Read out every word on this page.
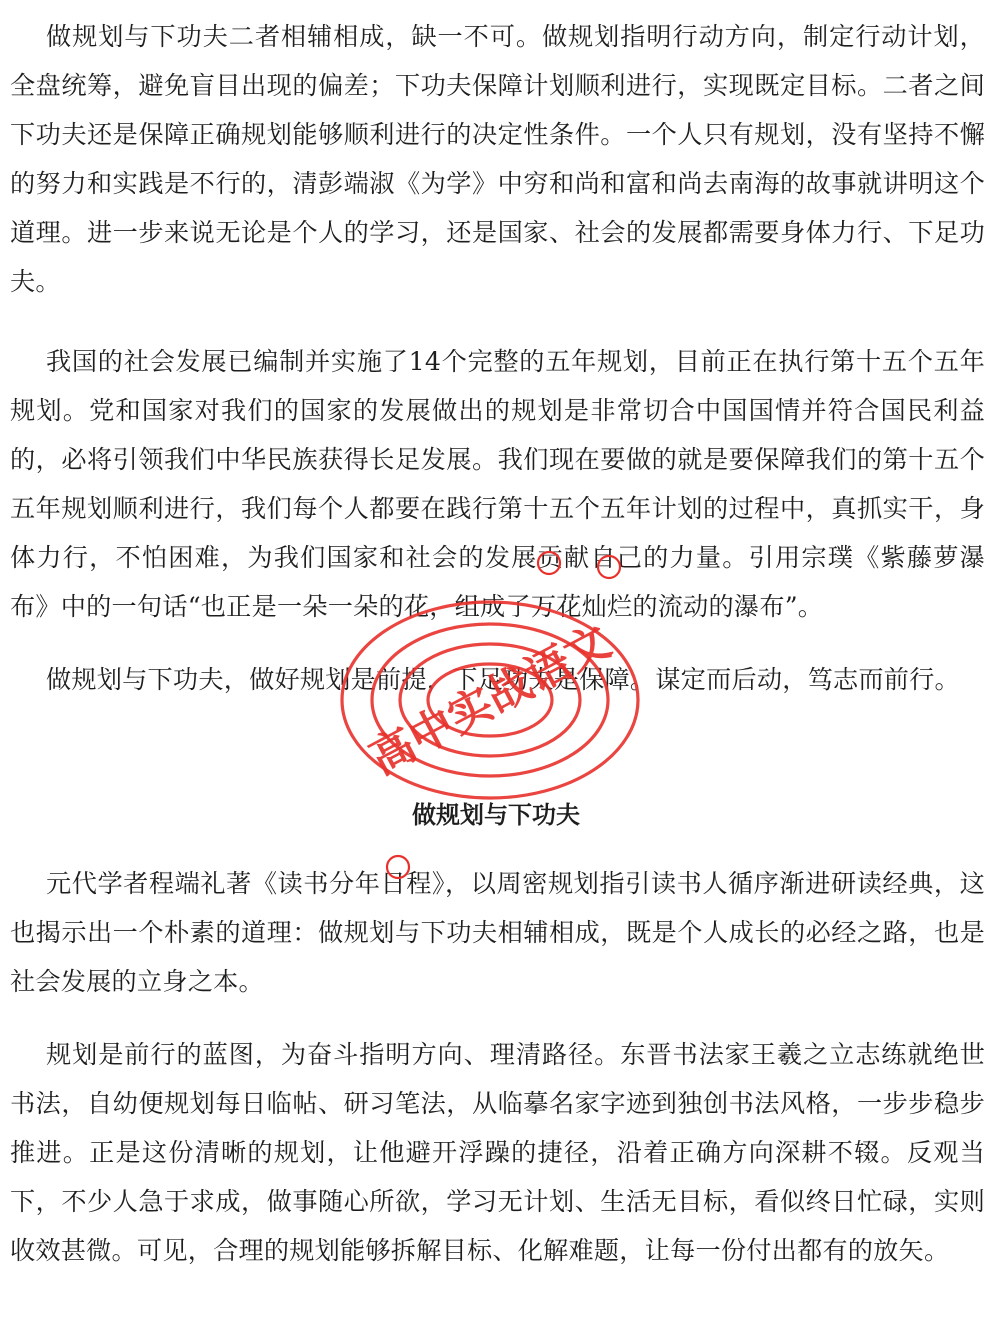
做规划与下功夫二者相辅相成，缺一不可。做规划指明行动方向，制定行动计划，全盘统筹，避免盲目出现的偏差；下功夫保障计划顺利进行，实现既定目标。二者之间下功夫还是保障正确规划能够顺利进行的决定性条件。一个人只有规划，没有坚持不懈的努力和实践是不行的，清彭端淑《为学》中穷和尚和富和尚去南海的故事就讲明这个道理。进一步来说无论是个人的学习，还是国家、社会的发展都需要身体力行、下足功夫。

我国的社会发展已编制并实施了14个完整的五年规划，目前正在执行第十五个五年规划。党和国家对我们的国家的发展做出的规划是非常切合中国国情并符合国民利益的，必将引领我们中华民族获得长足发展。我们现在要做的就是要保障我们的第十五个五年规划顺利进行，我们每个人都要在践行第十五个五年计划的过程中，真抓实干，身体力行，不怕困难，为我们国家和社会的发展贡献自己的力量。引用宗璞《紫藤萝瀑布》中的一句话“也正是一朵一朵的花，组成了万花灿烂的流动的瀑布”。

做规划与下功夫，做好规划是前提，下足功夫是保障。谋定而后动，笃志而前行。

做规划与下功夫

元代学者程端礼著《读书分年日程》，以周密规划指引读书人循序渐进研读经典，这也揭示出一个朴素的道理：做规划与下功夫相辅相成，既是个人成长的必经之路，也是社会发展的立身之本。

规划是前行的蓝图，为奋斗指明方向、理清路径。东晋书法家王羲之立志练就绝世书法，自幼便规划每日临帖、研习笔法，从临摹名家字迹到独创书法风格，一步步稳步推进。正是这份清晰的规划，让他避开浮躁的捷径，沿着正确方向深耕不辍。反观当下，不少人急于求成，做事随心所欲，学习无计划、生活无目标，看似终日忙碌，实则收效甚微。可见，合理的规划能够拆解目标、化解难题，让每一份付出都有的放矢。

高中实战语文
